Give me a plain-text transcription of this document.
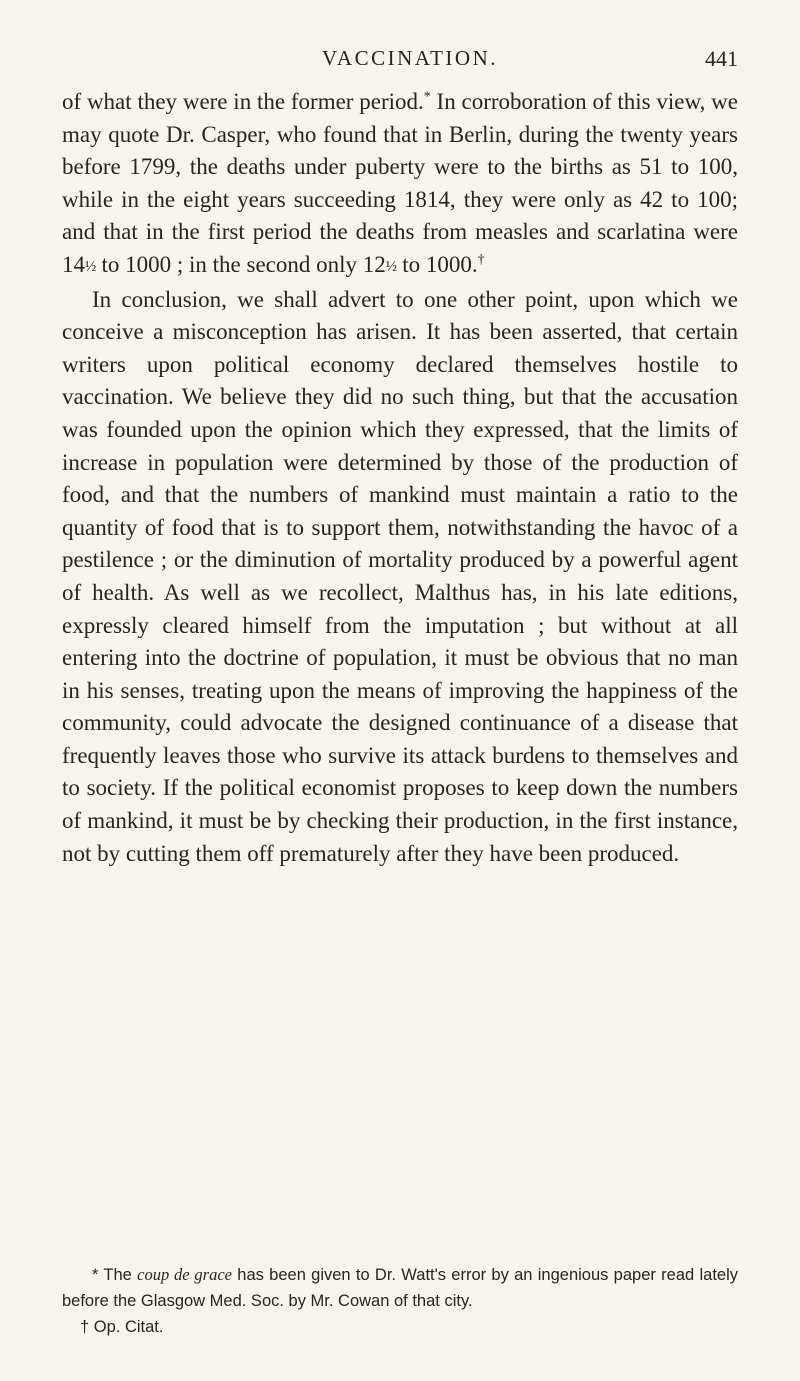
VACCINATION.	441

of what they were in the former period.* In corroboration of this view, we may quote Dr. Casper, who found that in Berlin, during the twenty years before 1799, the deaths under puberty were to the births as 51 to 100, while in the eight years succeeding 1814, they were only as 42 to 100; and that in the first period the deaths from measles and scarlatina were 14½ to 1000 ; in the second only 12½ to 1000.†

In conclusion, we shall advert to one other point, upon which we conceive a misconception has arisen. It has been asserted, that certain writers upon political economy declared themselves hostile to vaccination. We believe they did no such thing, but that the accusation was founded upon the opinion which they expressed, that the limits of increase in population were determined by those of the production of food, and that the numbers of mankind must maintain a ratio to the quantity of food that is to support them, notwithstanding the havoc of a pestilence ; or the diminution of mortality produced by a powerful agent of health. As well as we recollect, Malthus has, in his late editions, expressly cleared himself from the imputation ; but without at all entering into the doctrine of population, it must be obvious that no man in his senses, treating upon the means of improving the happiness of the community, could advocate the designed continuance of a disease that frequently leaves those who survive its attack burdens to themselves and to society. If the political economist proposes to keep down the numbers of mankind, it must be by checking their production, in the first instance, not by cutting them off prematurely after they have been produced.

* The coup de grace has been given to Dr. Watt's error by an ingenious paper read lately before the Glasgow Med. Soc. by Mr. Cowan of that city.

† Op. Citat.
